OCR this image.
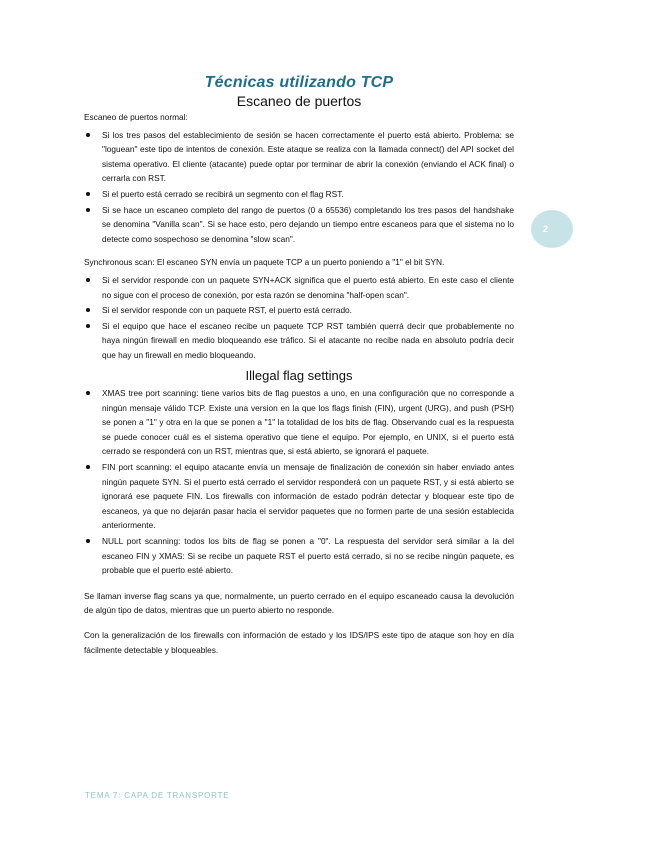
Técnicas utilizando TCP
Escaneo de puertos

Escaneo de puertos normal:

Si los tres pasos del establecimiento de sesión se hacen correctamente el puerto está abierto. Problema: se "loguean" este tipo de intentos de conexión. Este ataque se realiza con la llamada connect() del API socket del sistema operativo. El cliente (atacante) puede optar por terminar de abrir la conexión (enviando el ACK final) o cerrarla con RST.
Si el puerto está cerrado se recibirá un segmento con el flag RST.
Si se hace un escaneo completo del rango de puertos (0 a 65536) completando los tres pasos del handshake se denomina "Vanilla scan". Si se hace esto, pero dejando un tiempo entre escaneos para que el sistema no lo detecte como sospechoso se denomina "slow scan".

Synchronous scan: El escaneo SYN envía un paquete TCP a un puerto poniendo a "1" el bit SYN.

Si el servidor responde con un paquete SYN+ACK significa que el puerto está abierto. En este caso el cliente no sigue con el proceso de conexión, por esta razón se denomina "half-open scan".
Si el servidor responde con un paquete RST, el puerto está cerrado.
Si el equipo que hace el escaneo recibe un paquete TCP RST también querrá decir que probablemente no haya ningún firewall en medio bloqueando ese tráfico. Si el atacante no recibe nada en absoluto podría decir que hay un firewall en medio bloqueando.
Illegal flag settings
XMAS tree port scanning: tiene varios bits de flag puestos a uno, en una configuración que no corresponde a ningún mensaje válido TCP. Existe una version en la que los flags finish (FIN), urgent (URG), and push (PSH) se ponen a "1" y otra en la que se ponen a "1" la totalidad de los bits de flag. Observando cual es la respuesta se puede conocer cuál es el sistema operativo que tiene el equipo. Por ejemplo, en UNIX, si el puerto está cerrado se responderá con un RST, mientras que, si está abierto, se ignorará el paquete.
FIN port scanning: el equipo atacante envía un mensaje de finalización de conexión sin haber enviado antes ningún paquete SYN. Si el puerto está cerrado el servidor responderá con un paquete RST, y si está abierto se ignorará ese paquete FIN. Los firewalls con información de estado podrán detectar y bloquear este tipo de escaneos, ya que no dejarán pasar hacia el servidor paquetes que no formen parte de una sesión establecida anteriormente.
NULL port scanning: todos los bits de flag se ponen a "0". La respuesta del servidor será similar a la del escaneo FIN y XMAS: Si se recibe un paquete RST el puerto está cerrado, si no se recibe ningún paquete, es probable que el puerto esté abierto.

Se llaman inverse flag scans ya que, normalmente, un puerto cerrado en el equipo escaneado causa la devolución de algún tipo de datos, mientras que un puerto abierto no responde.

Con la generalización de los firewalls con información de estado y los IDS/IPS este tipo de ataque son hoy en día fácilmente detectable y bloqueables.

2
TEMA 7: CAPA DE TRANSPORTE
